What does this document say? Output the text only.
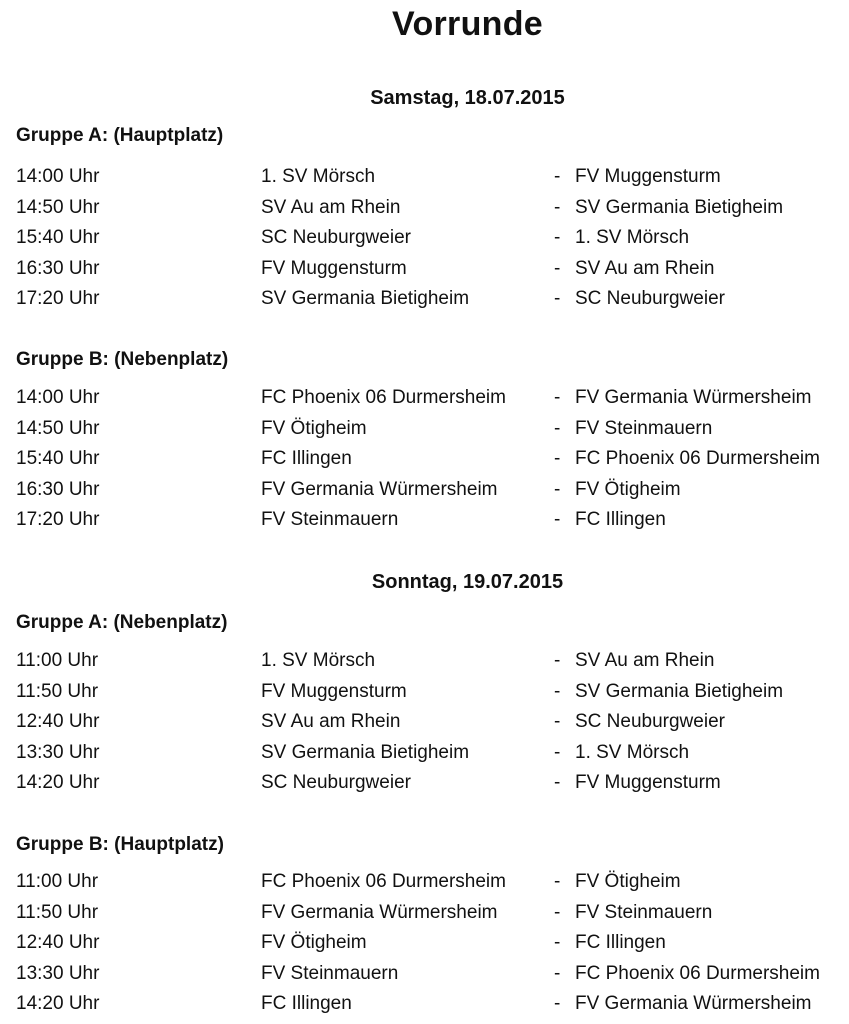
Vorrunde
Samstag, 18.07.2015
Gruppe A: (Hauptplatz)
14:00 Uhr	1. SV Mörsch	- FV Muggensturm
14:50 Uhr	SV Au am Rhein	- SV Germania Bietigheim
15:40 Uhr	SC Neuburgweier	- 1. SV Mörsch
16:30 Uhr	FV Muggensturm	- SV Au am Rhein
17:20 Uhr	SV Germania Bietigheim	- SC Neuburgweier
Gruppe B: (Nebenplatz)
14:00 Uhr	FC Phoenix 06 Durmersheim	- FV Germania Würmersheim
14:50 Uhr	FV Ötigheim	- FV Steinmauern
15:40 Uhr	FC Illingen	- FC Phoenix 06 Durmersheim
16:30 Uhr	FV Germania Würmersheim	- FV Ötigheim
17:20 Uhr	FV Steinmauern	- FC Illingen
Sonntag, 19.07.2015
Gruppe A: (Nebenplatz)
11:00 Uhr	1. SV Mörsch	- SV Au am Rhein
11:50 Uhr	FV Muggensturm	- SV Germania Bietigheim
12:40 Uhr	SV Au am Rhein	- SC Neuburgweier
13:30 Uhr	SV Germania Bietigheim	- 1. SV Mörsch
14:20 Uhr	SC Neuburgweier	- FV Muggensturm
Gruppe B: (Hauptplatz)
11:00 Uhr	FC Phoenix 06 Durmersheim	- FV Ötigheim
11:50 Uhr	FV Germania Würmersheim	- FV Steinmauern
12:40 Uhr	FV Ötigheim	- FC Illingen
13:30 Uhr	FV Steinmauern	- FC Phoenix 06 Durmersheim
14:20 Uhr	FC Illingen	- FV Germania Würmersheim
